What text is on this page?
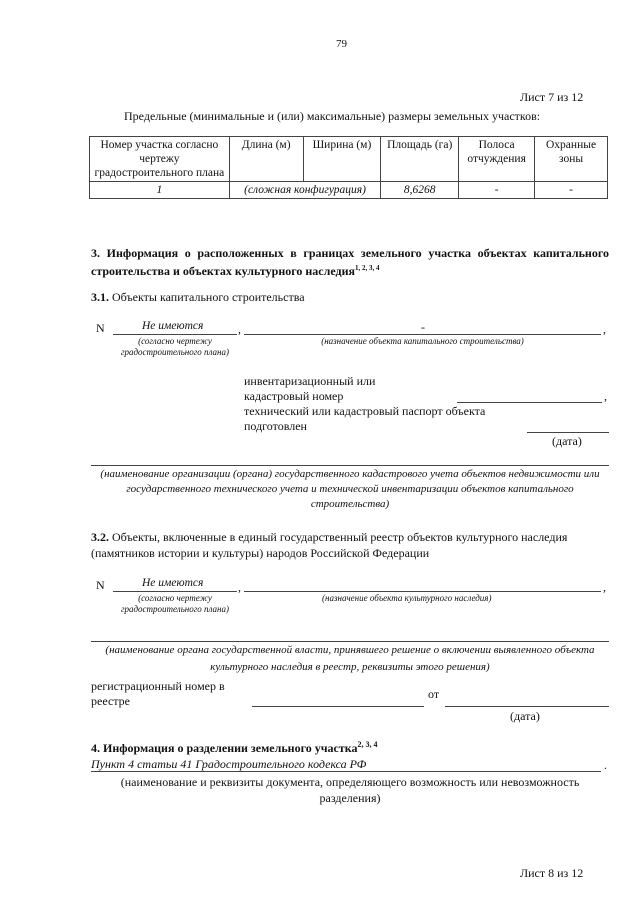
79
Лист 7 из 12
Предельные (минимальные и (или) максимальные) размеры земельных участков:
Номер участка согласно чертежу градостроительного плана	Длина (м)	Ширина (м)	Площадь (га)	Полоса отчуждения	Охранные зоны
1	(сложная конфигурация)		8,6268	-	-
3. Информация о расположенных в границах земельного участка объектах капитального строительства и объектах культурного наследия$^{1, 2, 3, 4}$
3.1. Объекты капитального строительства
N	Не имеются	,	-	,
(согласно чертежу градостроительного плана)
(назначение объекта капитального строительства)
инвентаризационный или кадастровый номер	,
технический или кадастровый паспорт объекта подготовлен
(дата)
(наименование организации (органа) государственного кадастрового учета объектов недвижимости или государственного технического учета и технической инвентаризации объектов капитального строительства)
3.2. Объекты, включенные в единый государственный реестр объектов культурного наследия (памятников истории и культуры) народов Российской Федерации
N	Не имеются	,	,
(согласно чертежу градостроительного плана)
(назначение объекта культурного наследия)
(наименование органа государственной власти, принявшего решение о включении выявленного объекта культурного наследия в реестр, реквизиты этого решения)
регистрационный номер в реестре	от
(дата)
4. Информация о разделении земельного участка$^{2, 3, 4}$
Пункт 4 статьи 41 Градостроительного кодекса РФ	.
(наименование и реквизиты документа, определяющего возможность или невозможность разделения)
Лист 8 из 12
